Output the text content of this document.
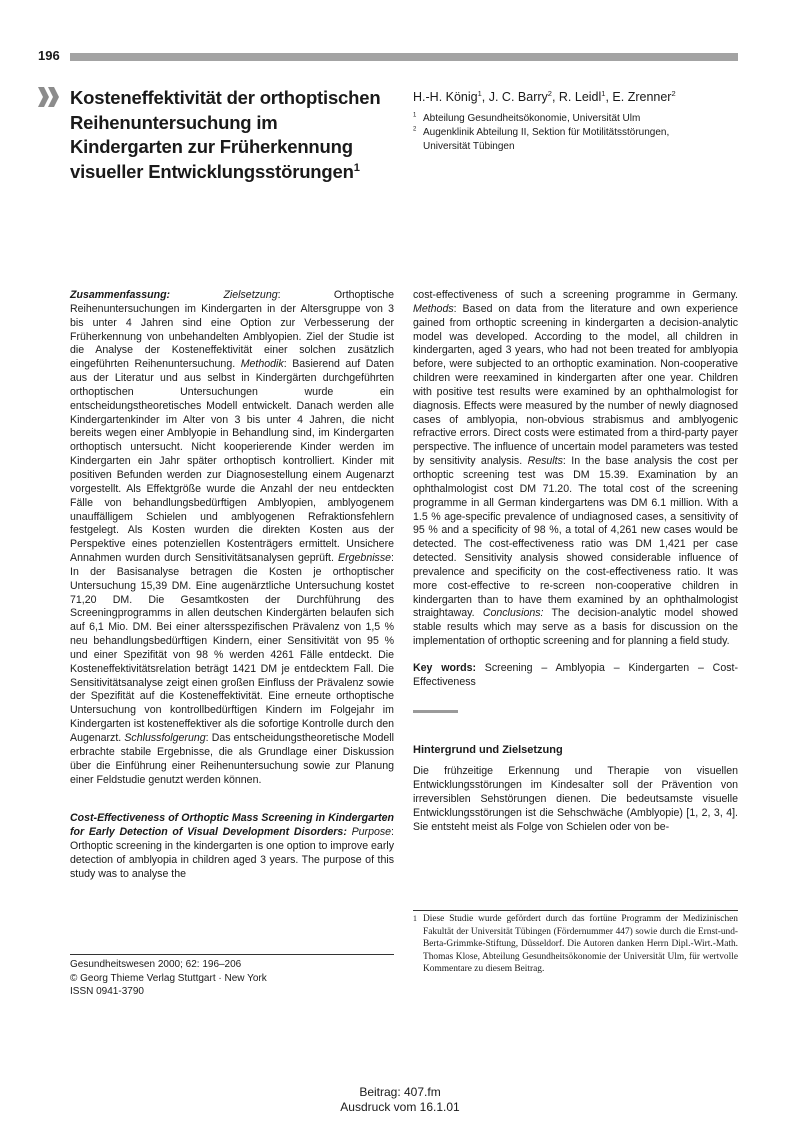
196
Kosteneffektivität der orthoptischen
Reihenuntersuchung im
Kindergarten zur Früherkennung
visueller Entwicklungsstörungen$^1$
H.-H. König$^1$, J. C. Barry$^2$, R. Leidl$^1$, E. Zrenner$^2$
$^1$ Abteilung Gesundheitsökonomie, Universität Ulm
$^2$ Augenklinik Abteilung II, Sektion für Motilitätsstörungen,
Universität Tübingen

Zusammenfassung:	Zielsetzung: Orthoptische Reihenuntersuchungen im Kindergarten in der Altersgruppe von 3 bis unter 4 Jahren sind eine Option zur Verbesserung der Früherkennung von unbehandelten Amblyopien. Ziel der Studie ist die Analyse der Kosteneffektivität einer solchen zusätzlich eingeführten Reihenuntersuchung. Methodik: Basierend auf Daten aus der Literatur und aus selbst in Kindergärten durchgeführten orthoptischen Untersuchungen wurde ein entscheidungstheoretisches Modell entwickelt. Danach werden alle Kindergartenkinder im Alter von 3 bis unter 4 Jahren, die nicht bereits wegen einer Amblyopie in Behandlung sind, im Kindergarten orthoptisch untersucht. Nicht kooperierende Kinder werden im Kindergarten ein Jahr später orthoptisch kontrolliert. Kinder mit positiven Befunden werden zur Diagnosestellung einem Augenarzt vorgestellt. Als Effektgröße wurde die Anzahl der neu entdeckten Fälle von behandlungsbedürftigen Amblyopien, amblyogenem unauffälligem Schielen und amblyogenen Refraktionsfehlern festgelegt. Als Kosten wurden die direkten Kosten aus der Perspektive eines potenziellen Kostenträgers ermittelt. Unsichere Annahmen wurden durch Sensitivitätsanalysen geprüft. Ergebnisse: In der Basisanalyse betragen die Kosten je orthoptischer Untersuchung 15,39 DM. Eine augenärztliche Untersuchung kostet 71,20 DM. Die Gesamtkosten der Durchführung des Screeningprogramms in allen deutschen Kindergärten belaufen sich auf 6,1 Mio. DM. Bei einer altersspezifischen Prävalenz von 1,5 % neu behandlungsbedürftigen Kindern, einer Sensitivität von 95 % und einer Spezifität von 98 % werden 4261 Fälle entdeckt. Die Kosteneffektivitätsrelation beträgt 1421 DM je entdecktem Fall. Die Sensitivitätsanalyse zeigt einen großen Einfluss der Prävalenz sowie der Spezifität auf die Kosteneffektivität. Eine erneute orthoptische Untersuchung von kontrollbedürftigen Kindern im Folgejahr im Kindergarten ist kosteneffektiver als die sofortige Kontrolle durch den Augenarzt. Schlussfolgerung: Das entscheidungstheoretische Modell erbrachte stabile Ergebnisse, die als Grundlage einer Diskussion über die Einführung einer Reihenuntersuchung sowie zur Planung einer Feldstudie genutzt werden können.

Cost-Effectiveness of Orthoptic Mass Screening in Kindergarten for Early Detection of Visual Development Disorders: Purpose: Orthoptic screening in the kindergarten is one option to improve early detection of amblyopia in children aged 3 years. The purpose of this study was to analyse the

Gesundheitswesen 2000; 62: 196–206
© Georg Thieme Verlag Stuttgart · New York
ISSN 0941-3790

cost-effectiveness of such a screening programme in Germany. Methods: Based on data from the literature and own experience gained from orthoptic screening in kindergarten a decision-analytic model was developed. According to the model, all children in kindergarten, aged 3 years, who had not been treated for amblyopia before, were subjected to an orthoptic examination. Non-cooperative children were reexamined in kindergarten after one year. Children with positive test results were examined by an ophthalmologist for diagnosis. Effects were measured by the number of newly diagnosed cases of amblyopia, non-obvious strabismus and amblyogenic refractive errors. Direct costs were estimated from a third-party payer perspective. The influence of uncertain model parameters was tested by sensitivity analysis. Results: In the base analysis the cost per orthoptic screening test was DM 15.39. Examination by an ophthalmologist cost DM 71.20. The total cost of the screening programme in all German kindergartens was DM 6.1 million. With a 1.5 % age-specific prevalence of undiagnosed cases, a sensitivity of 95 % and a specificity of 98 %, a total of 4,261 new cases would be detected. The cost-effectiveness ratio was DM 1,421 per case detected. Sensitivity analysis showed considerable influence of prevalence and specificity on the cost-effectiveness ratio. It was more cost-effective to re-screen non-cooperative children in kindergarten than to have them examined by an ophthalmologist straightaway. Conclusions: The decision-analytic model showed stable results which may serve as a basis for discussion on the implementation of orthoptic screening and for planning a field study.

Key words: Screening – Amblyopia – Kindergarten – Cost-Effectiveness

Hintergrund und Zielsetzung

Die frühzeitige Erkennung und Therapie von visuellen Entwicklungsstörungen im Kindesalter soll der Prävention von irreversiblen Sehstörungen dienen. Die bedeutsamste visuelle Entwicklungsstörungen ist die Sehschwäche (Amblyopie) [1, 2, 3, 4]. Sie entsteht meist als Folge von Schielen oder von be-

1 Diese Studie wurde gefördert durch das fortüne Programm der Medizinischen Fakultät der Universität Tübingen (Fördernummer 447) sowie durch die Ernst-und-Berta-Grimmke-Stiftung, Düsseldorf. Die Autoren danken Herrn Dipl.-Wirt.-Math. Thomas Klose, Abteilung Gesundheitsökonomie der Universität Ulm, für wertvolle Kommentare zu diesem Beitrag.
Beitrag: 407.fm
Ausdruck vom 16.1.01
